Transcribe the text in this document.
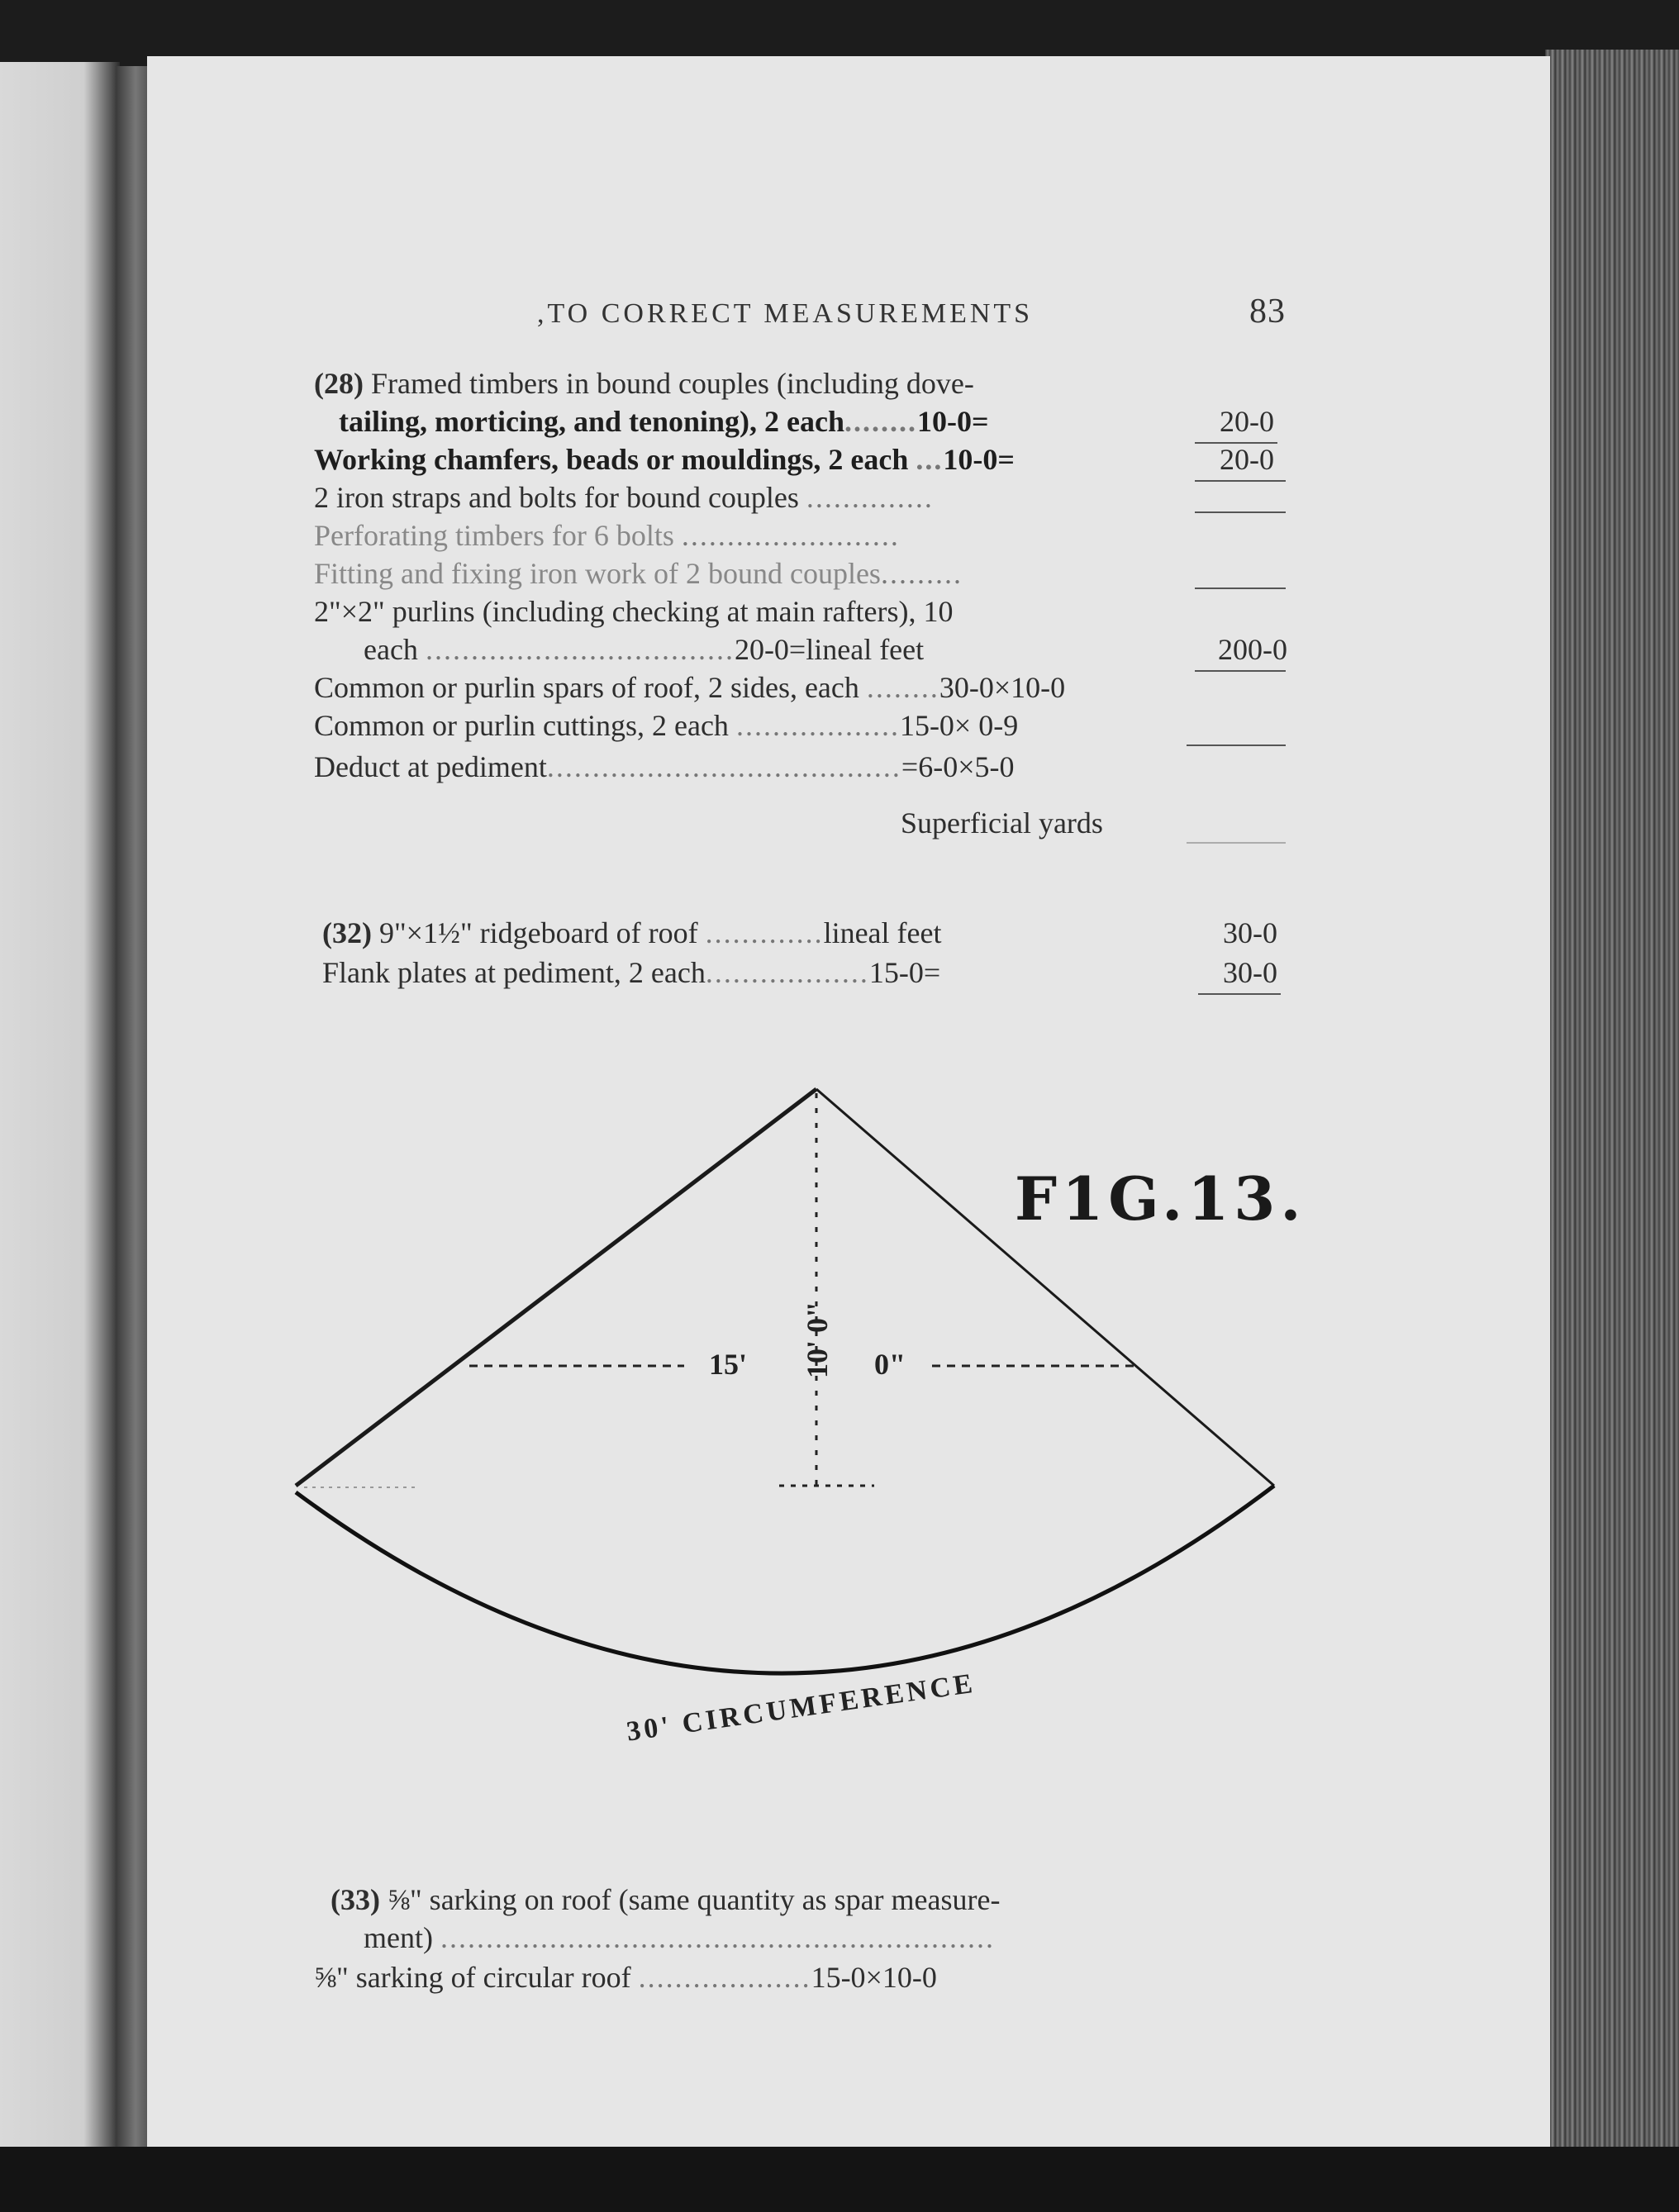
,TO CORRECT MEASUREMENTS	83
(28) Framed timbers in bound couples (including dove-
tailing, morticing, and tenoning), 2 each........10-0=	20-0
Working chamfers, beads or mouldings, 2 each ...10-0=	20-0
2 iron straps and bolts for bound couples ..............
Perforating timbers for 6 bolts ........................
Fitting and fixing iron work of 2 bound couples.........
2"×2" purlins (including checking at main rafters), 10
each ..................................20-0=lineal feet	200-0
Common or purlin spars of roof, 2 sides, each ........30-0×10-0
Common or purlin cuttings, 2 each ..................15-0× 0-9
Deduct at pediment.......................................=6-0×5-0
Superficial yards
(32) 9"×1½" ridgeboard of roof .............lineal feet	30-0
Flank plates at pediment, 2 each..................15-0=	30-0
F1G.13.
10' 0"
15'	0"
30' CIRCUMFERENCE
(33) ⅝" sarking on roof (same quantity as spar measure-
ment) .............................................................
⅝" sarking of circular roof ...................15-0×10-0
